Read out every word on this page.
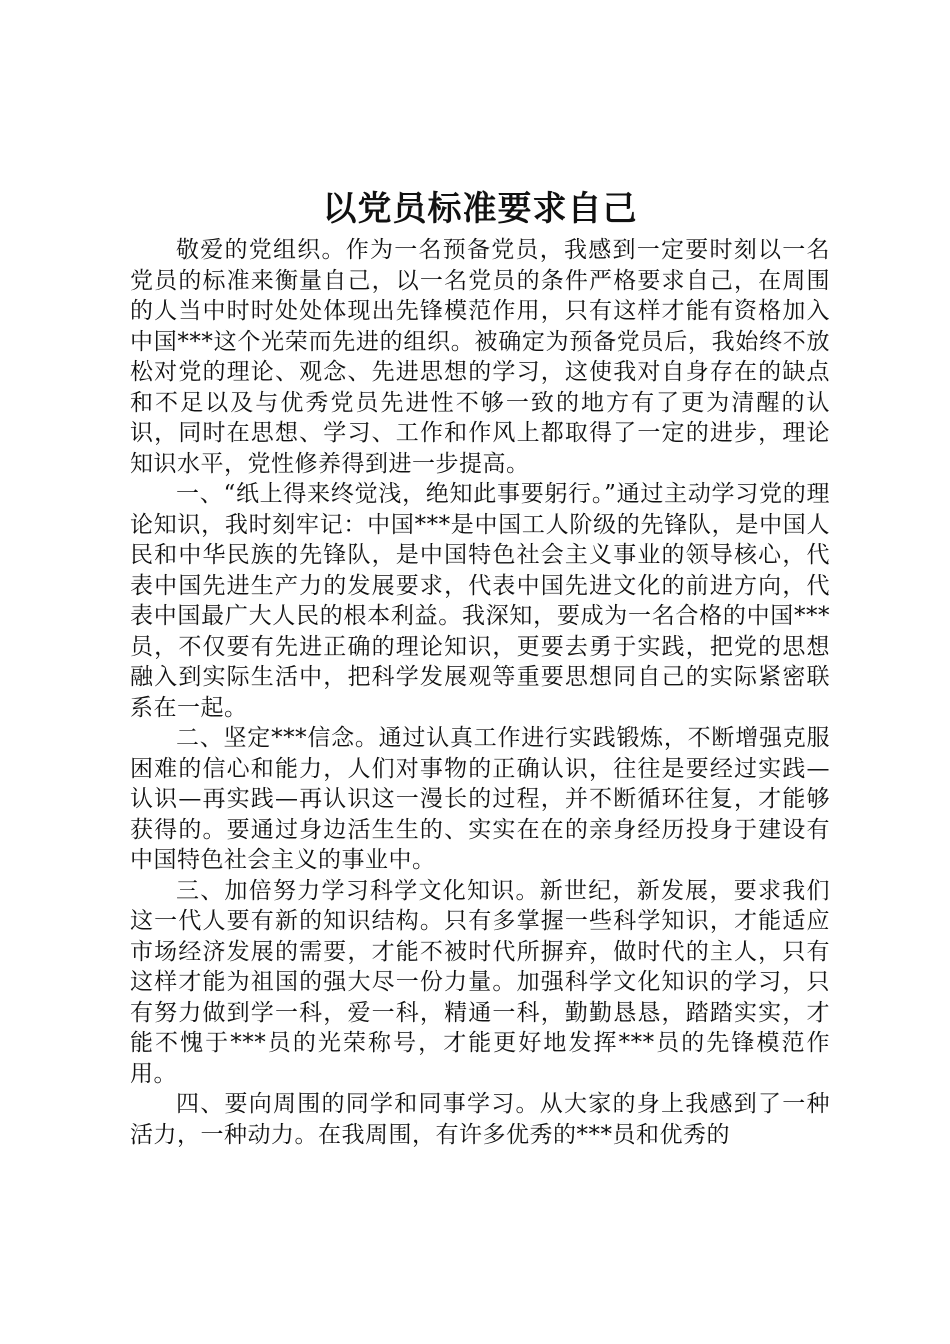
以党员标准要求自己

敬爱的党组织。作为一名预备党员，我感到一定要时刻以一名党员的标准来衡量自己，以一名党员的条件严格要求自己，在周围的人当中时时处处体现出先锋模范作用，只有这样才能有资格加入中国***这个光荣而先进的组织。被确定为预备党员后，我始终不放松对党的理论、观念、先进思想的学习，这使我对自身存在的缺点和不足以及与优秀党员先进性不够一致的地方有了更为清醒的认识，同时在思想、学习、工作和作风上都取得了一定的进步，理论知识水平，党性修养得到进一步提高。

一、“纸上得来终觉浅，绝知此事要躬行。”通过主动学习党的理论知识，我时刻牢记：中国***是中国工人阶级的先锋队，是中国人民和中华民族的先锋队，是中国特色社会主义事业的领导核心，代表中国先进生产力的发展要求，代表中国先进文化的前进方向，代表中国最广大人民的根本利益。我深知，要成为一名合格的中国***员，不仅要有先进正确的理论知识，更要去勇于实践，把党的思想融入到实际生活中，把科学发展观等重要思想同自己的实际紧密联系在一起。

二、坚定***信念。通过认真工作进行实践锻炼，不断增强克服困难的信心和能力，人们对事物的正确认识，往往是要经过实践—认识—再实践—再认识这一漫长的过程，并不断循环往复，才能够获得的。要通过身边活生生的、实实在在的亲身经历投身于建设有中国特色社会主义的事业中。

三、加倍努力学习科学文化知识。新世纪，新发展，要求我们这一代人要有新的知识结构。只有多掌握一些科学知识，才能适应市场经济发展的需要，才能不被时代所摒弃，做时代的主人，只有这样才能为祖国的强大尽一份力量。加强科学文化知识的学习，只有努力做到学一科，爱一科，精通一科，勤勤恳恳，踏踏实实，才能不愧于***员的光荣称号，才能更好地发挥***员的先锋模范作用。

四、要向周围的同学和同事学习。从大家的身上我感到了一种活力，一种动力。在我周围，有许多优秀的***员和优秀的
